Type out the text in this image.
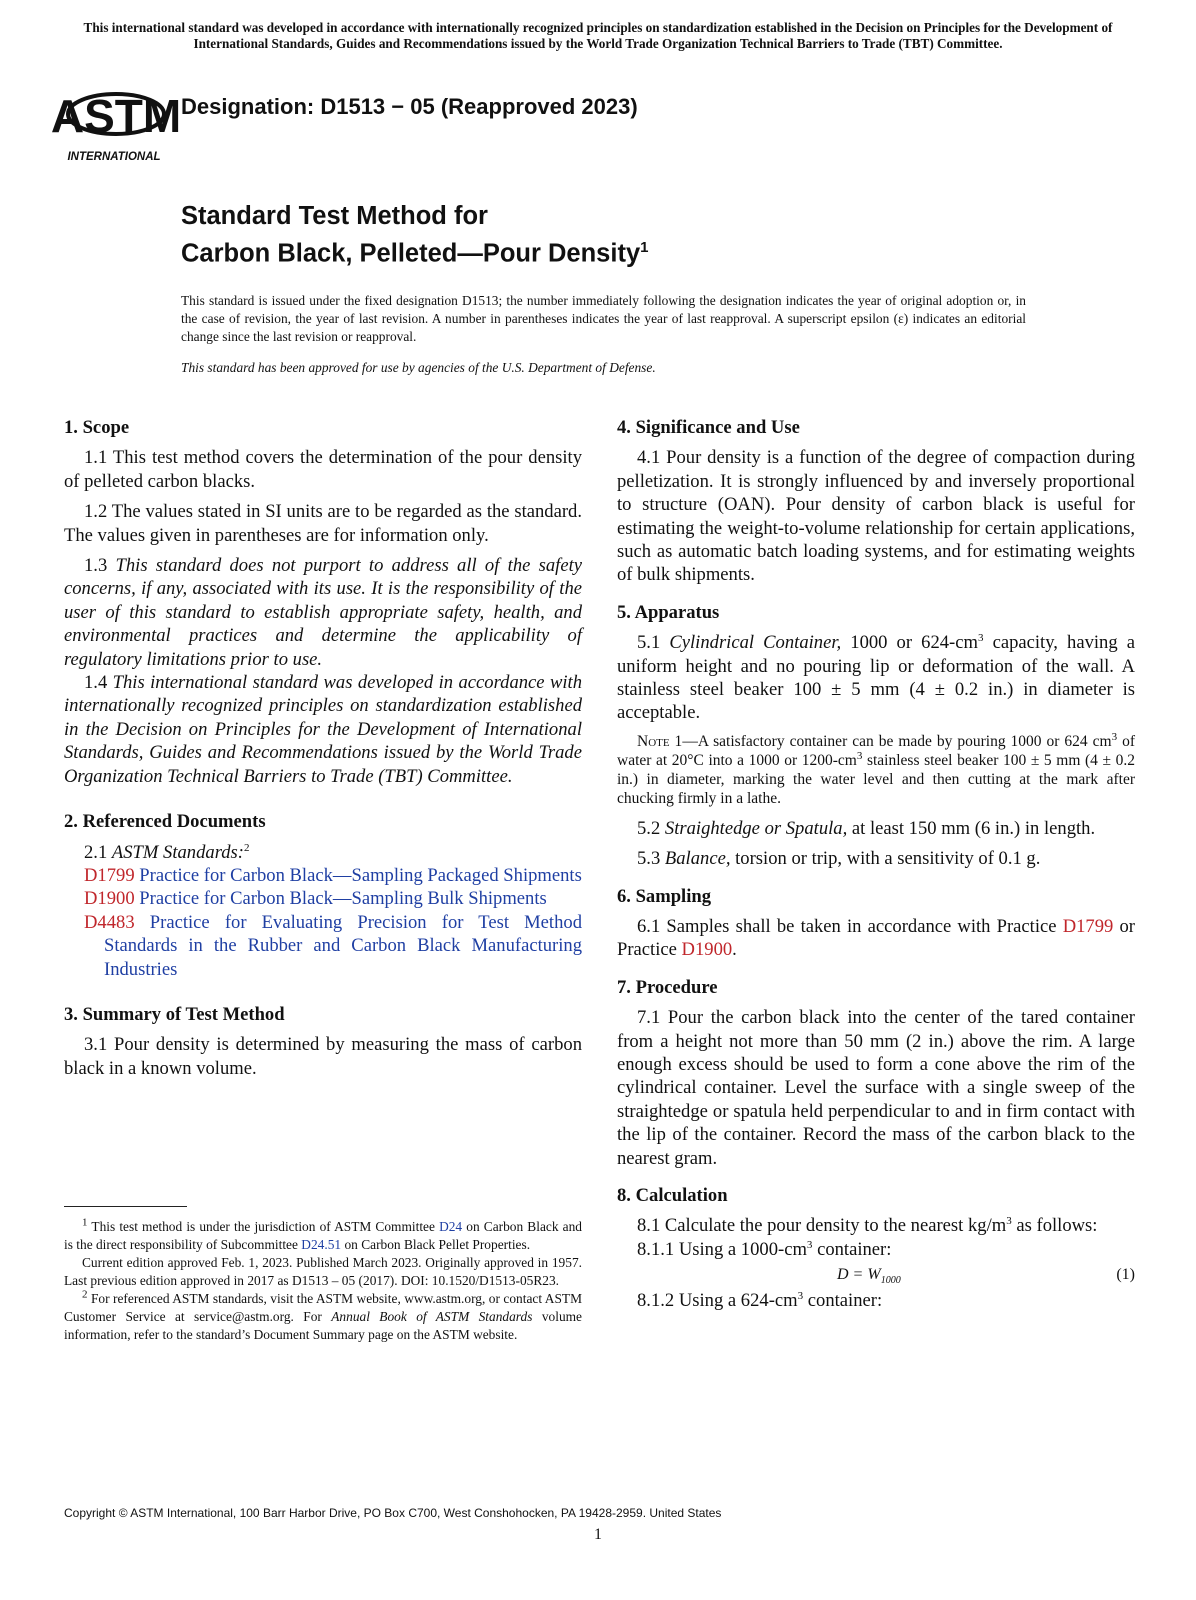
This international standard was developed in accordance with internationally recognized principles on standardization established in the Decision on Principles for the Development of International Standards, Guides and Recommendations issued by the World Trade Organization Technical Barriers to Trade (TBT) Committee.
ASTM
INTERNATIONAL
Designation: D1513 − 05 (Reapproved 2023)
Standard Test Method for
Carbon Black, Pelleted—Pour Density$^1$
This standard is issued under the fixed designation D1513; the number immediately following the designation indicates the year of original adoption or, in the case of revision, the year of last revision. A number in parentheses indicates the year of last reapproval. A superscript epsilon (ε) indicates an editorial change since the last revision or reapproval.
This standard has been approved for use by agencies of the U.S. Department of Defense.
1. Scope
1.1 This test method covers the determination of the pour density of pelleted carbon blacks.
1.2 The values stated in SI units are to be regarded as the standard. The values given in parentheses are for information only.
1.3 This standard does not purport to address all of the safety concerns, if any, associated with its use. It is the responsibility of the user of this standard to establish appropriate safety, health, and environmental practices and determine the applicability of regulatory limitations prior to use.
1.4 This international standard was developed in accordance with internationally recognized principles on standardization established in the Decision on Principles for the Development of International Standards, Guides and Recommendations issued by the World Trade Organization Technical Barriers to Trade (TBT) Committee.
2. Referenced Documents
2.1 ASTM Standards:$^2$
D1799 Practice for Carbon Black—Sampling Packaged Shipments
D1900 Practice for Carbon Black—Sampling Bulk Shipments
D4483 Practice for Evaluating Precision for Test Method Standards in the Rubber and Carbon Black Manufacturing Industries
3. Summary of Test Method
3.1 Pour density is determined by measuring the mass of carbon black in a known volume.
$^1$ This test method is under the jurisdiction of ASTM Committee D24 on Carbon Black and is the direct responsibility of Subcommittee D24.51 on Carbon Black Pellet Properties.
Current edition approved Feb. 1, 2023. Published March 2023. Originally approved in 1957. Last previous edition approved in 2017 as D1513 – 05 (2017). DOI: 10.1520/D1513-05R23.
$^2$ For referenced ASTM standards, visit the ASTM website, www.astm.org, or contact ASTM Customer Service at service@astm.org. For Annual Book of ASTM Standards volume information, refer to the standard’s Document Summary page on the ASTM website.
4. Significance and Use
4.1 Pour density is a function of the degree of compaction during pelletization. It is strongly influenced by and inversely proportional to structure (OAN). Pour density of carbon black is useful for estimating the weight-to-volume relationship for certain applications, such as automatic batch loading systems, and for estimating weights of bulk shipments.
5. Apparatus
5.1 Cylindrical Container, 1000 or $624-cm^3$ capacity, having a uniform height and no pouring lip or deformation of the wall. A stainless steel beaker 100 ± 5 mm (4 ± 0.2 in.) in diameter is acceptable.
Note 1—A satisfactory container can be made by pouring 1000 or 624 $cm^3$ of water at 20°C into a 1000 or $1200-cm^3$ stainless steel beaker 100 ± 5 mm (4 ± 0.2 in.) in diameter, marking the water level and then cutting at the mark after chucking firmly in a lathe.
5.2 Straightedge or Spatula, at least 150 mm (6 in.) in length.
5.3 Balance, torsion or trip, with a sensitivity of 0.1 g.
6. Sampling
6.1 Samples shall be taken in accordance with Practice D1799 or Practice D1900.
7. Procedure
7.1 Pour the carbon black into the center of the tared container from a height not more than 50 mm (2 in.) above the rim. A large enough excess should be used to form a cone above the rim of the cylindrical container. Level the surface with a single sweep of the straightedge or spatula held perpendicular to and in firm contact with the lip of the container. Record the mass of the carbon black to the nearest gram.
8. Calculation
8.1 Calculate the pour density to the nearest $kg/m^3$ as follows:
8.1.1 Using a $1000-cm^3$ container:
$D = W_{1000}$	(1)
8.1.2 Using a $624-cm^3$ container:
Copyright © ASTM International, 100 Barr Harbor Drive, PO Box C700, West Conshohocken, PA 19428-2959. United States
1
